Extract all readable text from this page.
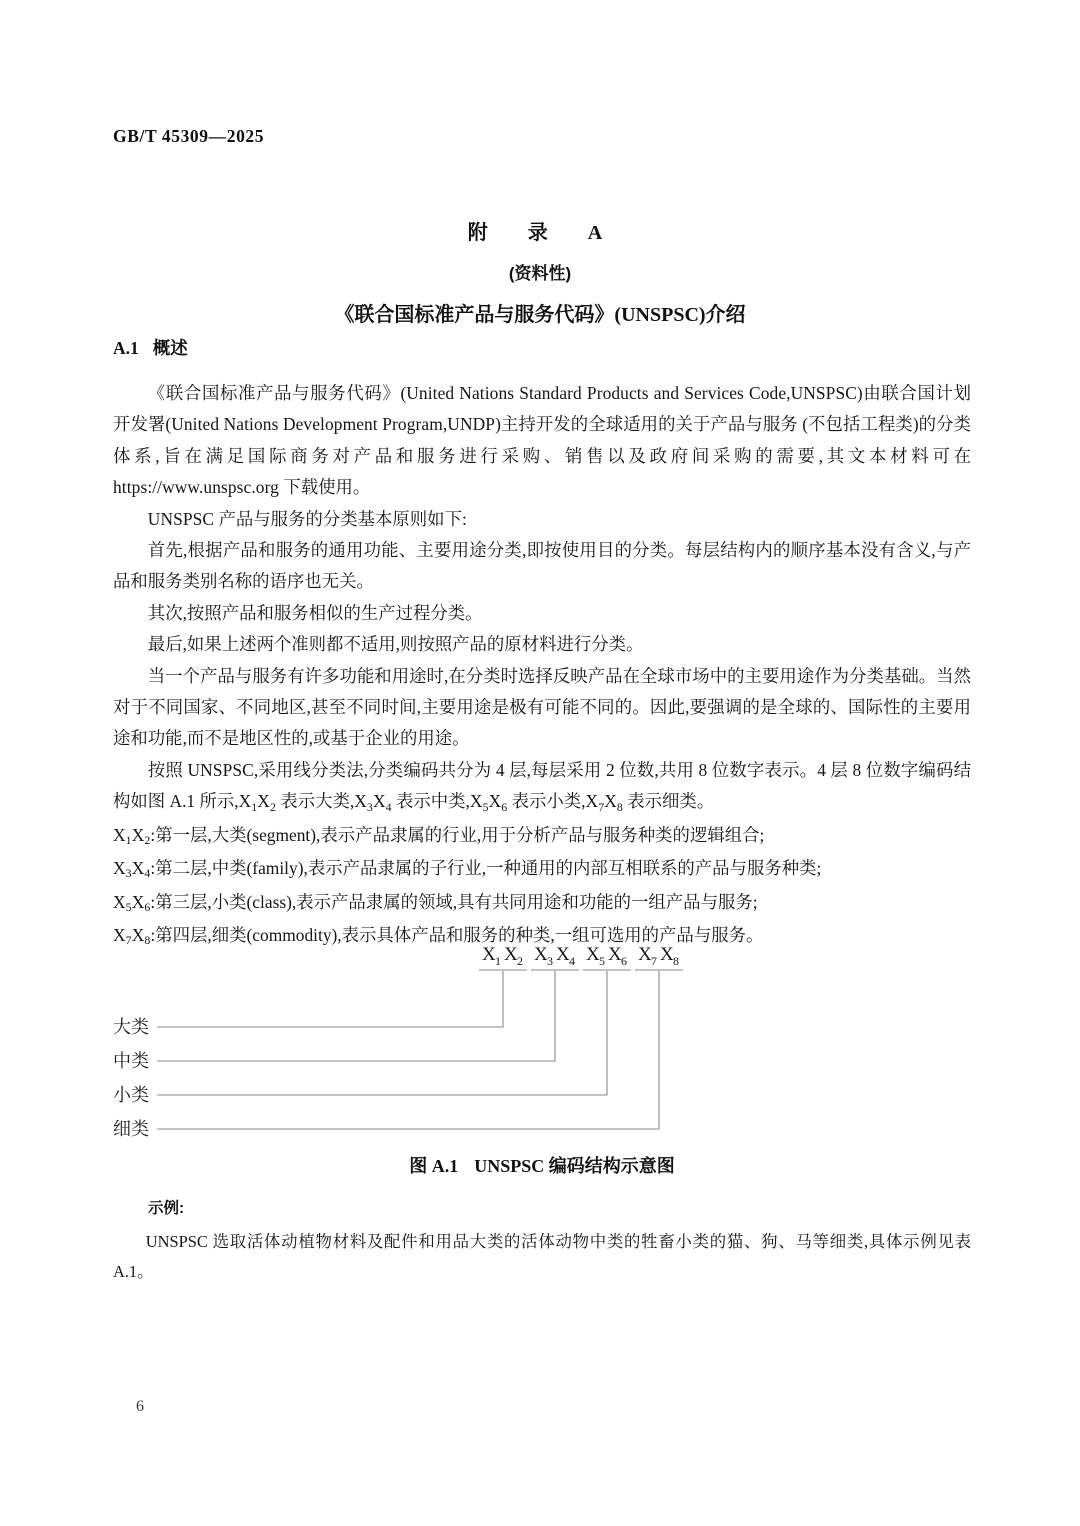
GB/T 45309—2025
附　录　A
(资料性)
《联合国标准产品与服务代码》(UNSPSC)介绍
A.1 概述

《联合国标准产品与服务代码》(United Nations Standard Products and Services Code,UNSPSC)由联合国计划开发署(United Nations Development Program,UNDP)主持开发的全球适用的关于产品与服务 (不包括工程类)的分类体系,旨在满足国际商务对产品和服务进行采购、销售以及政府间采购的需要,其文本材料可在 https://www.unspsc.org 下载使用。

UNSPSC 产品与服务的分类基本原则如下:

首先,根据产品和服务的通用功能、主要用途分类,即按使用目的分类。每层结构内的顺序基本没有含义,与产品和服务类别名称的语序也无关。

其次,按照产品和服务相似的生产过程分类。

最后,如果上述两个准则都不适用,则按照产品的原材料进行分类。

当一个产品与服务有许多功能和用途时,在分类时选择反映产品在全球市场中的主要用途作为分类基础。当然对于不同国家、不同地区,甚至不同时间,主要用途是极有可能不同的。因此,要强调的是全球的、国际性的主要用途和功能,而不是地区性的,或基于企业的用途。

按照 UNSPSC,采用线分类法,分类编码共分为 4 层,每层采用 2 位数,共用 8 位数字表示。4 层 8 位数字编码结构如图 A.1 所示$,X_1X_2$ 表示大类$,X_3X_4$ 表示中类$,X_5X_6$ 表示小类$,X_7X_8$ 表示细类。

$X_1X_2$:第一层,大类(segment),表示产品隶属的行业,用于分析产品与服务种类的逻辑组合;

$X_3X_4$:第二层,中类(family),表示产品隶属的子行业,一种通用的内部互相联系的产品与服务种类;

$X_5X_6$:第三层,小类(class),表示产品隶属的领域,具有共同用途和功能的一组产品与服务;

$X_7X_8$:第四层,细类(commodity),表示具体产品和服务的种类,一组可选用的产品与服务。

X 1 X 2 X 3 X 4 X 5 X 6 X 7 X 8
大类
中类
小类
细类
图 A.1 UNSPSC 编码结构示意图
示例:

UNSPSC 选取活体动植物材料及配件和用品大类的活体动物中类的牲畜小类的猫、狗、马等细类,具体示例见表 A.1。

6
